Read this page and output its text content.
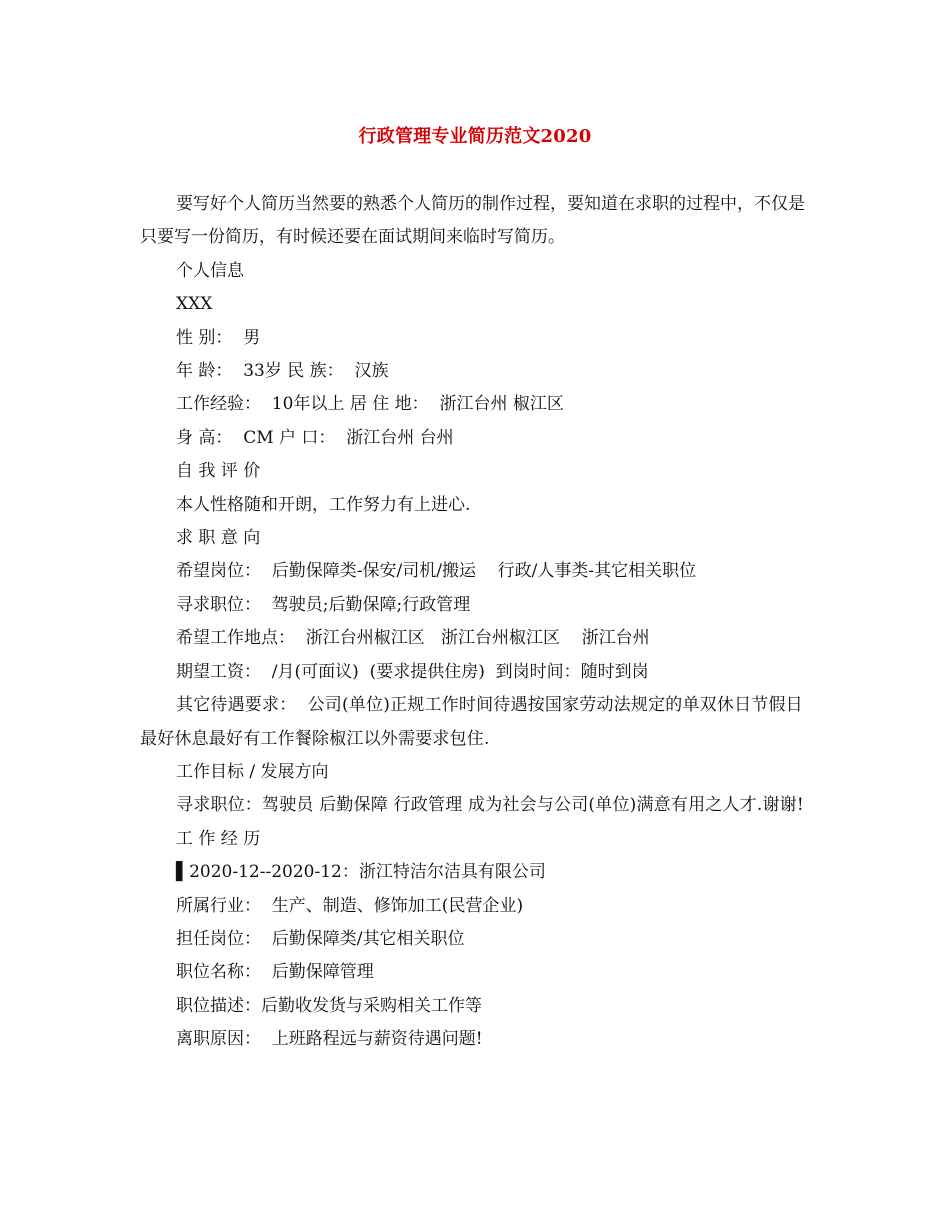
行政管理专业简历范文2020

要写好个人简历当然要的熟悉个人简历的制作过程，要知道在求职的过程中，不仅是只要写一份简历，有时候还要在面试期间来临时写简历。

个人信息

XXX

性 别：  男

年 龄：  33岁 民 族：  汉族

工作经验：  10年以上 居 住 地：  浙江台州 椒江区

身 高：  CM 户 口：  浙江台州 台州

自 我 评 价

本人性格随和开朗，工作努力有上进心.

求 职 意 向

希望岗位：  后勤保障类-保安/司机/搬运    行政/人事类-其它相关职位

寻求职位：  驾驶员;后勤保障;行政管理

希望工作地点：  浙江台州椒江区   浙江台州椒江区    浙江台州

期望工资：  /月(可面议)  (要求提供住房)  到岗时间：随时到岗

其它待遇要求：  公司(单位)正规工作时间待遇按国家劳动法规定的单双休日节假日最好休息最好有工作餐除椒江以外需要求包住.

工作目标 / 发展方向

寻求职位：驾驶员 后勤保障 行政管理 成为社会与公司(单位)满意有用之人才.谢谢!

工 作 经 历

▌2020-12--2020-12：浙江特洁尔洁具有限公司

所属行业：  生产、制造、修饰加工(民营企业)

担任岗位：  后勤保障类/其它相关职位

职位名称：  后勤保障管理

职位描述：后勤收发货与采购相关工作等

离职原因：  上班路程远与薪资待遇问题!
